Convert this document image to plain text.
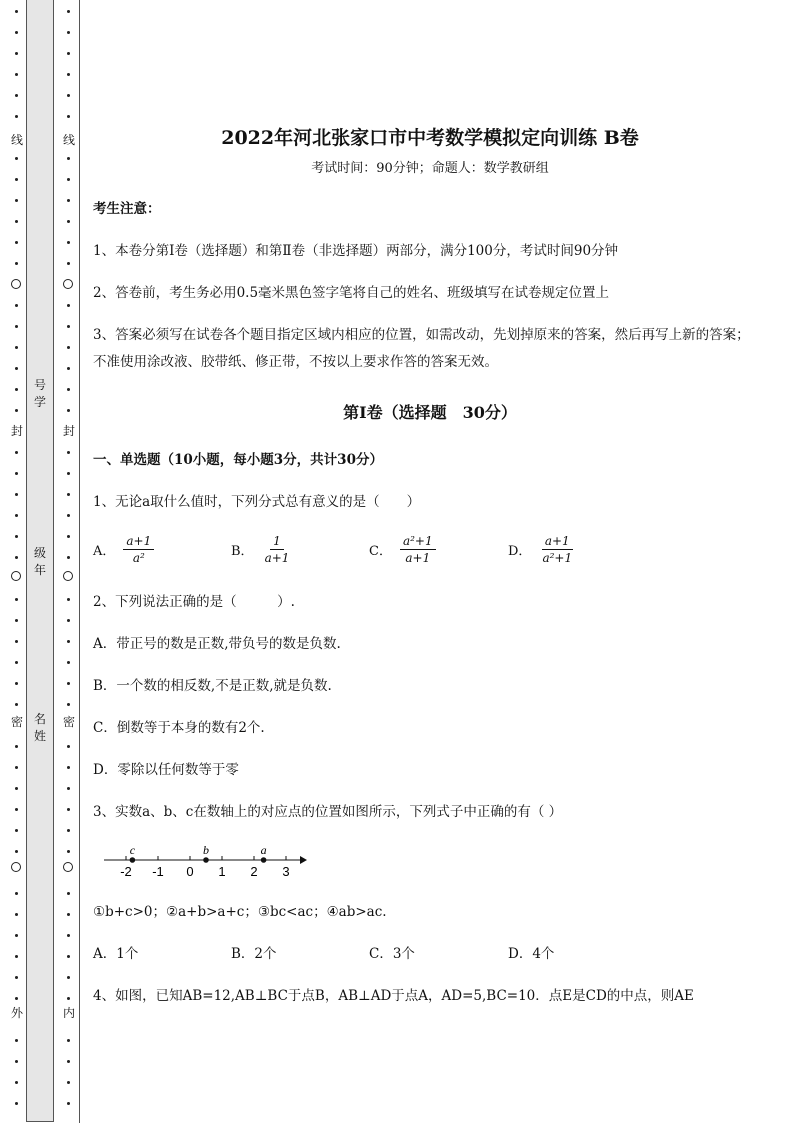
线
封
密
外
线
封
密
内
号学
级年
名姓
2022年河北张家口市中考数学模拟定向训练 B卷
考试时间：90分钟；命题人：数学教研组
考生注意：
1、本卷分第I卷（选择题）和第Ⅱ卷（非选择题）两部分，满分100分，考试时间90分钟
2、答卷前，考生务必用0.5毫米黑色签字笔将自己的姓名、班级填写在试卷规定位置上
3、答案必须写在试卷各个题目指定区域内相应的位置，如需改动，先划掉原来的答案，然后再写上新的答案；不准使用涂改液、胶带纸、修正带，不按以上要求作答的答案无效。
第I卷（选择题　30分）
一、单选题（10小题，每小题3分，共计30分）
1、无论a取什么值时，下列分式总有意义的是（　　）
A． $\frac{a+1}{\text{a²}}$	B． $\frac{1}{a+1}$	C． $\frac{\text{a²+1}}{a+1}$	D． $\frac{a+1}{\text{a²+1}}$
2、下列说法正确的是（　　　）.
A．带正号的数是正数,带负号的数是负数.
B．一个数的相反数,不是正数,就是负数.
C．倒数等于本身的数有2个.
D．零除以任何数等于零
3、实数a、b、c在数轴上的对应点的位置如图所示，下列式子中正确的有（ ）
-2 -1 0 1 2 3
c	b	a
①b+c>0；②a+b>a+c；③bc<ac；④ab>ac.
A．1个	B．2个	C．3个	D．4个
4、如图，已知AB=12,AB⊥BC于点B，AB⊥AD于点A，AD=5,BC=10．点E是CD的中点，则AE
